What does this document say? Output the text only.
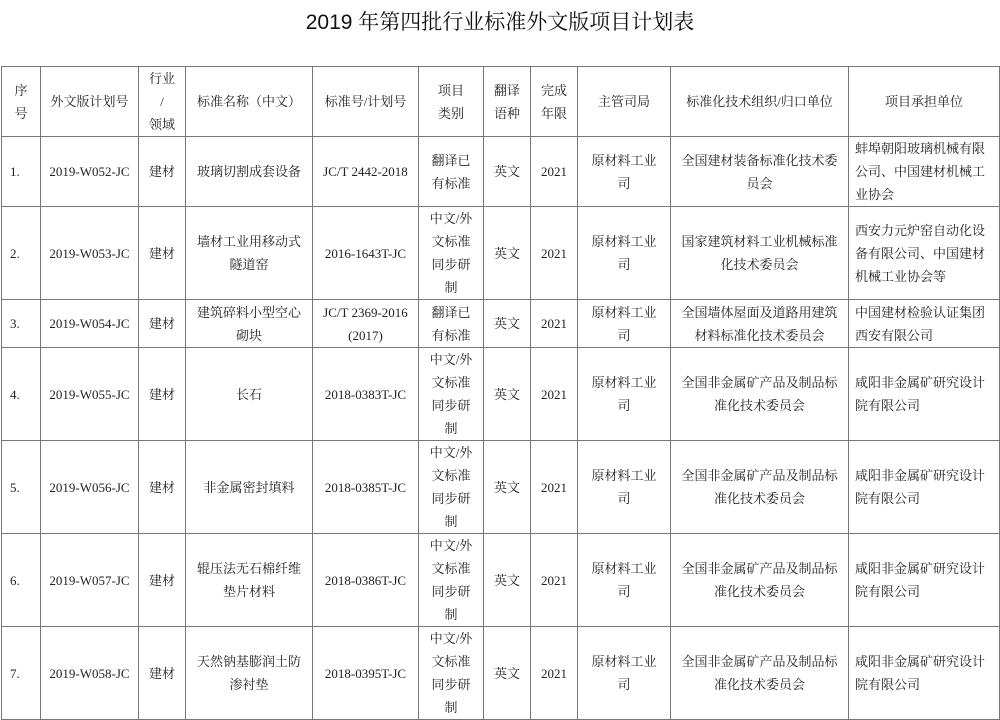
2019 年第四批行业标准外文版项目计划表
序
号	外文版计划号	行业
/
领域	标准名称（中文）	标准号/计划号	项目
类别	翻译
语种	完成
年限	主管司局	标准化技术组织/归口单位	项目承担单位
1.	2019-W052-JC	建材	玻璃切割成套设备	JC/T 2442-2018	翻译已
有标准	英文	2021	原材料工业
司	全国建材装备标准化技术委
员会	蚌埠朝阳玻璃机械有限
公司、中国建材机械工
业协会
2.	2019-W053-JC	建材	墙材工业用移动式
隧道窑	2016-1643T-JC	中文/外
文标准
同步研
制	英文	2021	原材料工业
司	国家建筑材料工业机械标准
化技术委员会	西安力元炉窑自动化设
备有限公司、中国建材
机械工业协会等
3.	2019-W054-JC	建材	建筑碎料小型空心
砌块	JC/T 2369-2016
(2017)	翻译已
有标准	英文	2021	原材料工业
司	全国墙体屋面及道路用建筑
材料标准化技术委员会	中国建材检验认证集团
西安有限公司
4.	2019-W055-JC	建材	长石	2018-0383T-JC	中文/外
文标准
同步研
制	英文	2021	原材料工业
司	全国非金属矿产品及制品标
准化技术委员会	咸阳非金属矿研究设计
院有限公司
5.	2019-W056-JC	建材	非金属密封填料	2018-0385T-JC	中文/外
文标准
同步研
制	英文	2021	原材料工业
司	全国非金属矿产品及制品标
准化技术委员会	咸阳非金属矿研究设计
院有限公司
6.	2019-W057-JC	建材	辊压法无石棉纤维
垫片材料	2018-0386T-JC	中文/外
文标准
同步研
制	英文	2021	原材料工业
司	全国非金属矿产品及制品标
准化技术委员会	咸阳非金属矿研究设计
院有限公司
7.	2019-W058-JC	建材	天然钠基膨润土防
渗衬垫	2018-0395T-JC	中文/外
文标准
同步研
制	英文	2021	原材料工业
司	全国非金属矿产品及制品标
准化技术委员会	咸阳非金属矿研究设计
院有限公司
